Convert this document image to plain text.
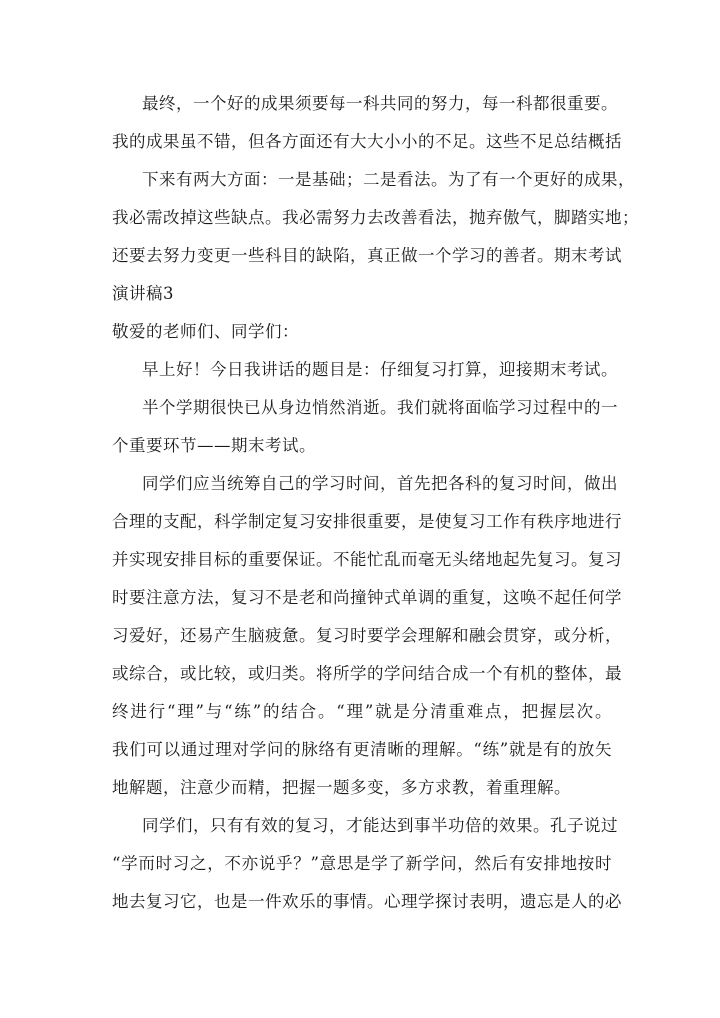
最终，一个好的成果须要每一科共同的努力，每一科都很重要。
我的成果虽不错，但各方面还有大大小小的不足。这些不足总结概括
下来有两大方面：一是基础；二是看法。为了有一个更好的成果，
我必需改掉这些缺点。我必需努力去改善看法，抛弃傲气，脚踏实地；
还要去努力变更一些科目的缺陷，真正做一个学习的善者。期末考试
演讲稿3
敬爱的老师们、同学们：
早上好！今日我讲话的题目是：仔细复习打算，迎接期末考试。
半个学期很快已从身边悄然消逝。我们就将面临学习过程中的一
个重要环节——期末考试。
同学们应当统筹自己的学习时间，首先把各科的复习时间，做出
合理的支配，科学制定复习安排很重要，是使复习工作有秩序地进行
并实现安排目标的重要保证。不能忙乱而毫无头绪地起先复习。复习
时要注意方法，复习不是老和尚撞钟式单调的重复，这唤不起任何学
习爱好，还易产生脑疲惫。复习时要学会理解和融会贯穿，或分析，
或综合，或比较，或归类。将所学的学问结合成一个有机的整体，最
终进行“理”与“练”的结合。“理”就是分清重难点，把握层次。
我们可以通过理对学问的脉络有更清晰的理解。“练”就是有的放矢
地解题，注意少而精，把握一题多变，多方求教，着重理解。
同学们，只有有效的复习，才能达到事半功倍的效果。孔子说过
“学而时习之，不亦说乎？”意思是学了新学问，然后有安排地按时
地去复习它，也是一件欢乐的事情。心理学探讨表明，遗忘是人的必
